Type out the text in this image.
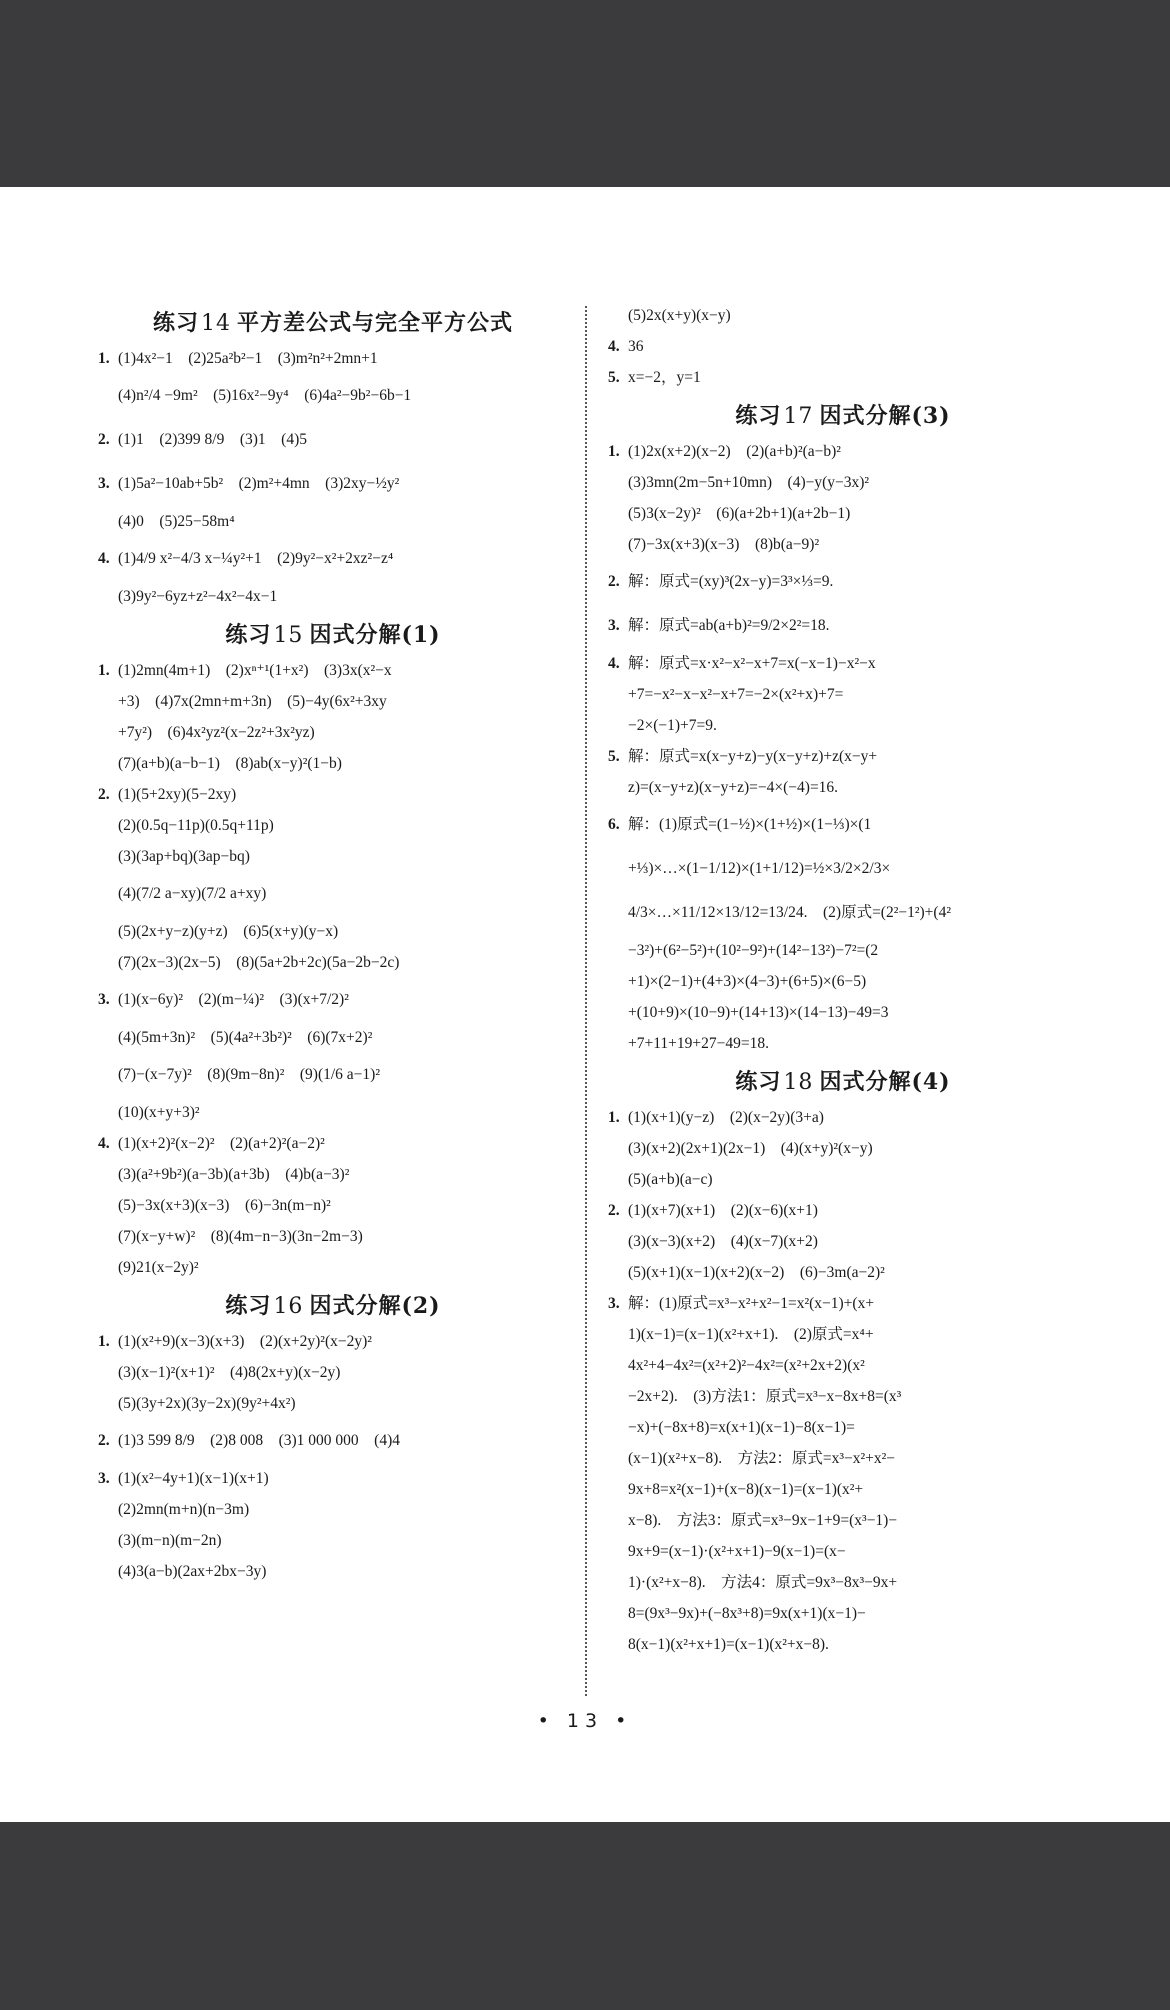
练习14 平方差公式与完全平方公式
1. (1)4x²−1　(2)25a²b²−1　(3)m²n²+2mn+1
(4)n²/4 −9m²　(5)16x²−9y⁴　(6)4a²−9b²−6b−1
2. (1)1　(2)399 8/9　(3)1　(4)5
3. (1)5a²−10ab+5b²　(2)m²+4mn　(3)2xy−½y²
(4)0　(5)25−58m⁴
4. (1)4/9 x²−4/3 x−¼y²+1　(2)9y²−x²+2xz²−z⁴
(3)9y²−6yz+z²−4x²−4x−1
练习15 因式分解(1)
1. (1)2mn(4m+1)　(2)xⁿ⁺¹(1+x²)　(3)3x(x²−x
+3)　(4)7x(2mn+m+3n)　(5)−4y(6x²+3xy
+7y²)　(6)4x²yz²(x−2z²+3x²yz)
(7)(a+b)(a−b−1)　(8)ab(x−y)²(1−b)
2. (1)(5+2xy)(5−2xy)
(2)(0.5q−11p)(0.5q+11p)
(3)(3ap+bq)(3ap−bq)
(4)(7/2 a−xy)(7/2 a+xy)
(5)(2x+y−z)(y+z)　(6)5(x+y)(y−x)
(7)(2x−3)(2x−5)　(8)(5a+2b+2c)(5a−2b−2c)
3. (1)(x−6y)²　(2)(m−¼)²　(3)(x+7/2)²
(4)(5m+3n)²　(5)(4a²+3b²)²　(6)(7x+2)²
(7)−(x−7y)²　(8)(9m−8n)²　(9)(1/6 a−1)²
(10)(x+y+3)²
4. (1)(x+2)²(x−2)²　(2)(a+2)²(a−2)²
(3)(a²+9b²)(a−3b)(a+3b)　(4)b(a−3)²
(5)−3x(x+3)(x−3)　(6)−3n(m−n)²
(7)(x−y+w)²　(8)(4m−n−3)(3n−2m−3)
(9)21(x−2y)²
练习16 因式分解(2)
1. (1)(x²+9)(x−3)(x+3)　(2)(x+2y)²(x−2y)²
(3)(x−1)²(x+1)²　(4)8(2x+y)(x−2y)
(5)(3y+2x)(3y−2x)(9y²+4x²)
2. (1)3 599 8/9　(2)8 008　(3)1 000 000　(4)4
3. (1)(x²−4y+1)(x−1)(x+1)
(2)2mn(m+n)(n−3m)
(3)(m−n)(m−2n)
(4)3(a−b)(2ax+2bx−3y)
(5)2x(x+y)(x−y)
4. 36
5. x=−2，y=1
练习17 因式分解(3)
1. (1)2x(x+2)(x−2)　(2)(a+b)²(a−b)²
(3)3mn(2m−5n+10mn)　(4)−y(y−3x)²
(5)3(x−2y)²　(6)(a+2b+1)(a+2b−1)
(7)−3x(x+3)(x−3)　(8)b(a−9)²
2. 解：原式=(xy)³(2x−y)=3³×⅓=9.
3. 解：原式=ab(a+b)²=9/2×2²=18.
4. 解：原式=x·x²−x²−x+7=x(−x−1)−x²−x
+7=−x²−x−x²−x+7=−2×(x²+x)+7=
−2×(−1)+7=9.
5. 解：原式=x(x−y+z)−y(x−y+z)+z(x−y+
z)=(x−y+z)(x−y+z)=−4×(−4)=16.
6. 解：(1)原式=(1−½)×(1+½)×(1−⅓)×(1
+⅓)×…×(1−1/12)×(1+1/12)=½×3/2×2/3×
4/3×…×11/12×13/12=13/24.　(2)原式=(2²−1²)+(4²
−3²)+(6²−5²)+(10²−9²)+(14²−13²)−7²=(2
+1)×(2−1)+(4+3)×(4−3)+(6+5)×(6−5)
+(10+9)×(10−9)+(14+13)×(14−13)−49=3
+7+11+19+27−49=18.
练习18 因式分解(4)
1. (1)(x+1)(y−z)　(2)(x−2y)(3+a)
(3)(x+2)(2x+1)(2x−1)　(4)(x+y)²(x−y)
(5)(a+b)(a−c)
2. (1)(x+7)(x+1)　(2)(x−6)(x+1)
(3)(x−3)(x+2)　(4)(x−7)(x+2)
(5)(x+1)(x−1)(x+2)(x−2)　(6)−3m(a−2)²
3. 解：(1)原式=x³−x²+x²−1=x²(x−1)+(x+
1)(x−1)=(x−1)(x²+x+1).　(2)原式=x⁴+
4x²+4−4x²=(x²+2)²−4x²=(x²+2x+2)(x²
−2x+2).　(3)方法1：原式=x³−x−8x+8=(x³
−x)+(−8x+8)=x(x+1)(x−1)−8(x−1)=
(x−1)(x²+x−8).　方法2：原式=x³−x²+x²−
9x+8=x²(x−1)+(x−8)(x−1)=(x−1)(x²+
x−8).　方法3：原式=x³−9x−1+9=(x³−1)−
9x+9=(x−1)·(x²+x+1)−9(x−1)=(x−
1)·(x²+x−8).　方法4：原式=9x³−8x³−9x+
8=(9x³−9x)+(−8x³+8)=9x(x+1)(x−1)−
8(x−1)(x²+x+1)=(x−1)(x²+x−8).
• 13 •
